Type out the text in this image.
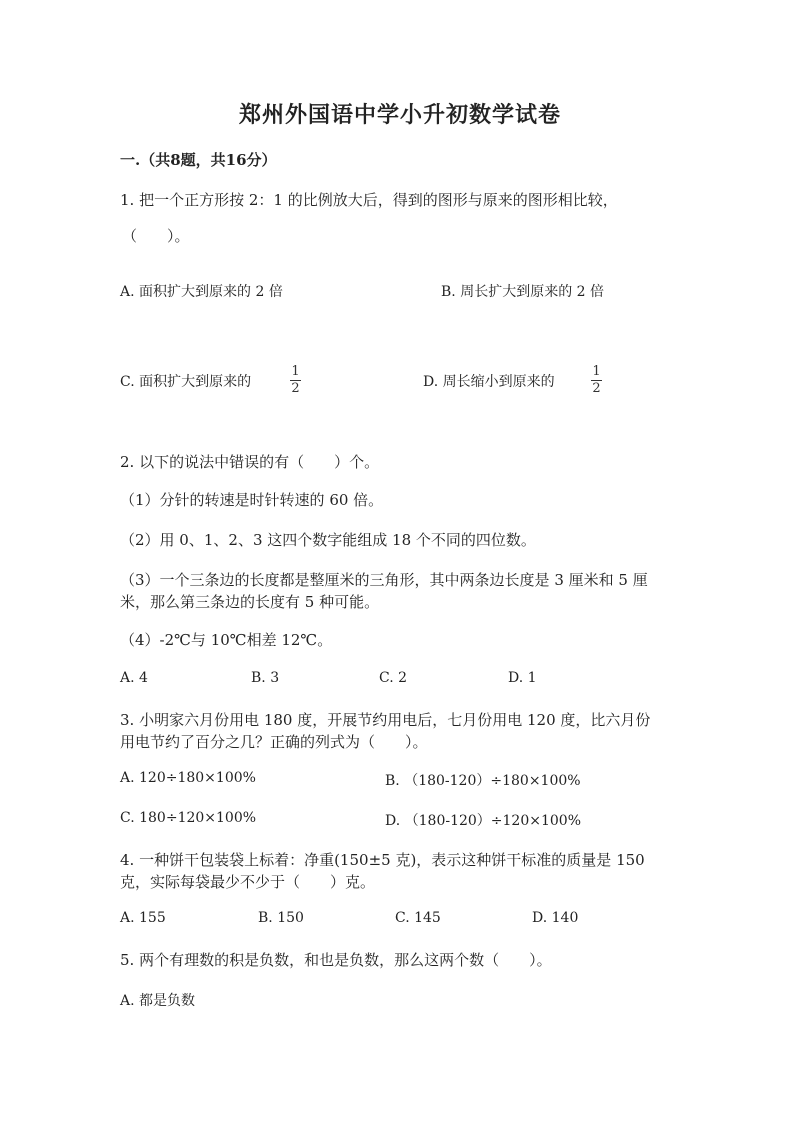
郑州外国语中学小升初数学试卷
一.（共8题，共16分）
1. 把一个正方形按 2：1 的比例放大后，得到的图形与原来的图形相比较，
（　　）。
A. 面积扩大到原来的 2 倍	B. 周长扩大到原来的 2 倍
C. 面积扩大到原来的
1
2	D. 周长缩小到原来的
1
2
2. 以下的说法中错误的有（　　）个。
（1）分针的转速是时针转速的 60 倍。
（2）用 0、1、2、3 这四个数字能组成 18 个不同的四位数。
（3）一个三条边的长度都是整厘米的三角形，其中两条边长度是 3 厘米和 5 厘
米，那么第三条边的长度有 5 种可能。
（4）-2℃与 10℃相差 12℃。
A. 4	B. 3	C. 2	D. 1
3. 小明家六月份用电 180 度，开展节约用电后，七月份用电 120 度，比六月份
用电节约了百分之几？正确的列式为（　　）。
A. 120÷180×100%	B. （180-120）÷180×100%
C. 180÷120×100%	D. （180-120）÷120×100%
4. 一种饼干包装袋上标着：净重(150±5 克)，表示这种饼干标准的质量是 150
克，实际每袋最少不少于（　　）克。
A. 155	B. 150	C. 145	D. 140
5. 两个有理数的积是负数，和也是负数，那么这两个数（　　）。
A. 都是负数
